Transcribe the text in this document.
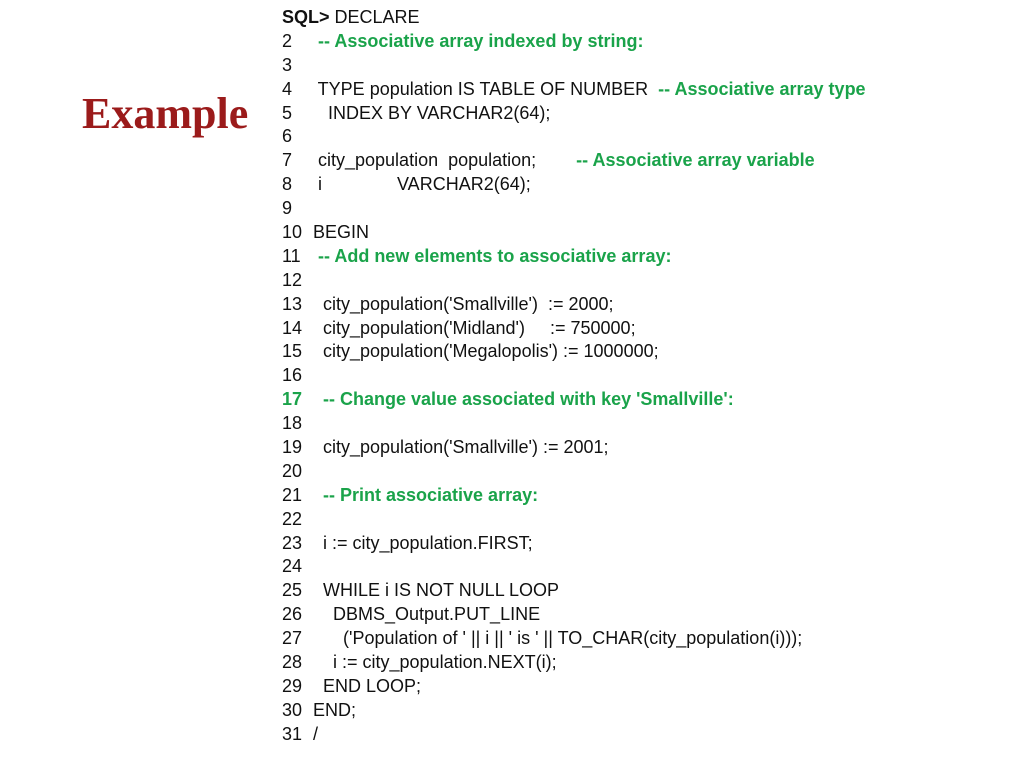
Example
SQL> DECLARE
2  -- Associative array indexed by string:
3
4  TYPE population IS TABLE OF NUMBER  -- Associative array type
5    INDEX BY VARCHAR2(64);
6
7  city_population  population;        -- Associative array variable
8  i               VARCHAR2(64);
9
10 BEGIN
11  -- Add new elements to associative array:
12
13   city_population('Smallville')  := 2000;
14   city_population('Midland')     := 750000;
15   city_population('Megalopolis') := 1000000;
16
17   -- Change value associated with key 'Smallville':
18
19   city_population('Smallville') := 2001;
20
21   -- Print associative array:
22
23   i := city_population.FIRST;
24
25   WHILE i IS NOT NULL LOOP
26     DBMS_Output.PUT_LINE
27       ('Population of ' || i || ' is ' || TO_CHAR(city_population(i)));
28     i := city_population.NEXT(i);
29   END LOOP;
30 END;
31 /
